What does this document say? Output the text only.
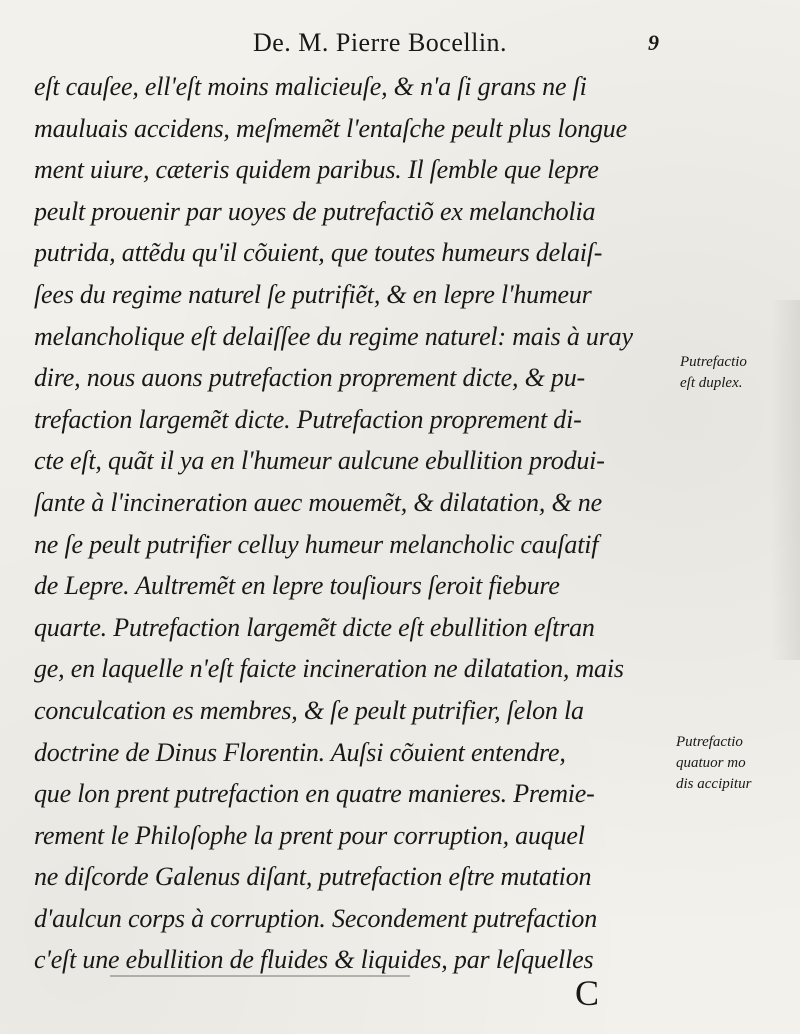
De. M. Pierre Bocellin.	9
eſt cauſee, ell'eſt moins malicieuſe, & n'a ſi grans ne ſi
mauluais accidens, meſmemẽt l'entaſche peult plus longue
ment uiure, cæteris quidem paribus. Il ſemble que lepre
peult prouenir par uoyes de putrefactiõ ex melancholia
putrida, attẽdu qu'il cõuient, que toutes humeurs delaiſ-
ſees du regime naturel ſe putrifiẽt, & en lepre l'humeur
melancholique eſt delaiſſee du regime naturel: mais à uray
dire, nous auons putrefaction proprement dicte, & pu-
trefaction largemẽt dicte. Putrefaction proprement di-
cte eſt, quãt il ya en l'humeur aulcune ebullition produi-
ſante à l'incineration auec mouemẽt, & dilatation, & ne
ne ſe peult putrifier celluy humeur melancholic cauſatif
de Lepre. Aultremẽt en lepre touſiours ſeroit fiebure
quarte. Putrefaction largemẽt dicte eſt ebullition eſtran
ge, en laquelle n'eſt faicte incineration ne dilatation, mais
conculcation es membres, & ſe peult putrifier, ſelon la
doctrine de Dinus Florentin. Auſsi cõuient entendre,
que lon prent putrefaction en quatre manieres. Premie-
rement le Philoſophe la prent pour corruption, auquel
ne diſcorde Galenus diſant, putrefaction eſtre mutation
d'aulcun corps à corruption. Secondement putrefaction
c'eſt une ebullition de fluides & liquides, par leſquelles
Putrefactio
eſt duplex.
Putrefactio
quatuor mo
dis accipitur
C
